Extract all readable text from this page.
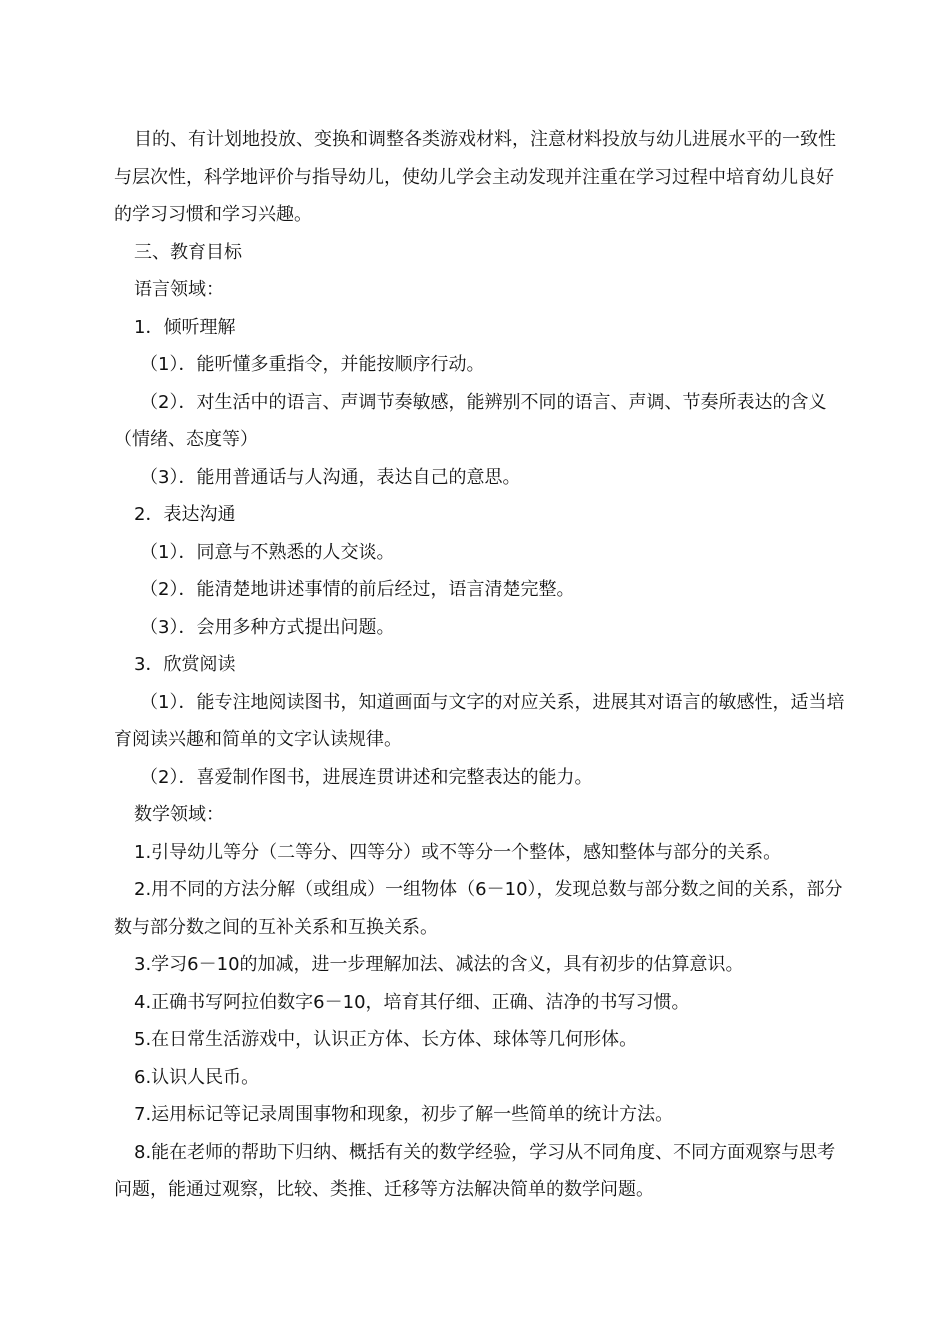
目的、有计划地投放、变换和调整各类游戏材料，注意材料投放与幼儿进展水平的一致性与层次性，科学地评价与指导幼儿，使幼儿学会主动发现并注重在学习过程中培育幼儿良好的学习习惯和学习兴趣。

三、教育目标

语言领域：

1．倾听理解

（1）．能听懂多重指令，并能按顺序行动。

（2）．对生活中的语言、声调节奏敏感，能辨别不同的语言、声调、节奏所表达的含义（情绪、态度等）

（3）．能用普通话与人沟通，表达自己的意思。

2．表达沟通

（1）．同意与不熟悉的人交谈。

（2）．能清楚地讲述事情的前后经过，语言清楚完整。

（3）．会用多种方式提出问题。

3．欣赏阅读

（1）．能专注地阅读图书，知道画面与文字的对应关系，进展其对语言的敏感性，适当培育阅读兴趣和简单的文字认读规律。

（2）．喜爱制作图书，进展连贯讲述和完整表达的能力。

数学领域：

1.引导幼儿等分（二等分、四等分）或不等分一个整体，感知整体与部分的关系。

2.用不同的方法分解（或组成）一组物体（6－10），发现总数与部分数之间的关系，部分数与部分数之间的互补关系和互换关系。

3.学习6－10的加减，进一步理解加法、减法的含义，具有初步的估算意识。

4.正确书写阿拉伯数字6－10，培育其仔细、正确、洁净的书写习惯。

5.在日常生活游戏中，认识正方体、长方体、球体等几何形体。

6.认识人民币。

7.运用标记等记录周围事物和现象，初步了解一些简单的统计方法。

8.能在老师的帮助下归纳、概括有关的数学经验，学习从不同角度、不同方面观察与思考问题，能通过观察，比较、类推、迁移等方法解决简单的数学问题。
